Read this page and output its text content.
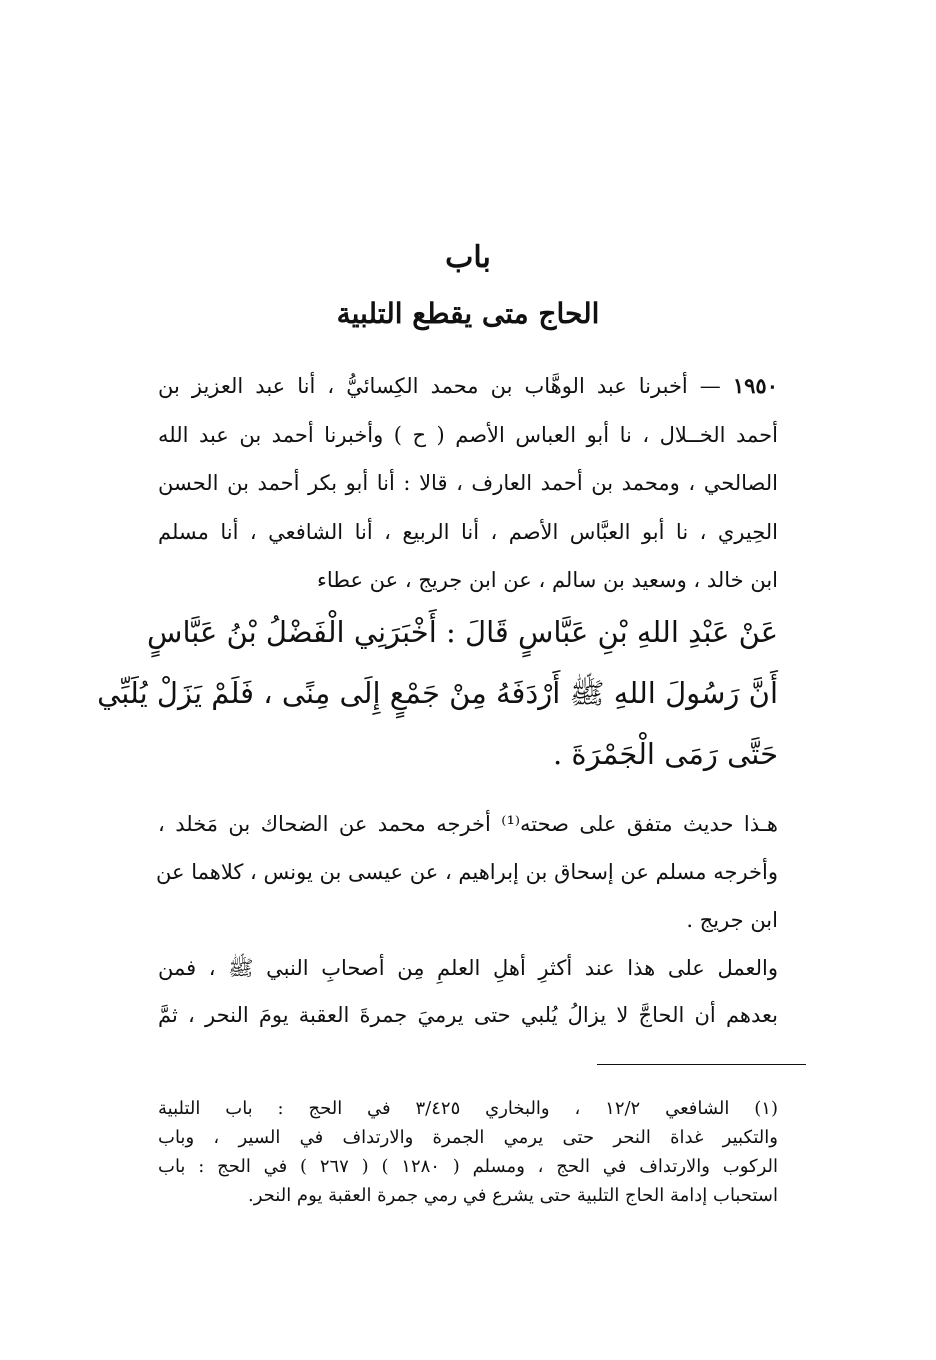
باب
الحاج متى يقطع التلبية
١٩٥٠ — أخبرنا عبد الوهَّاب بن محمد الكِسائيُّ ، أنا عبد العزيز بن
أحمد الخــلال ، نا أبو العباس الأصم ( ح ) وأخبرنا أحمد بن عبد الله
الصالحي ، ومحمد بن أحمد العارف ، قالا : أنا أبو بكر أحمد بن الحسن
الحِيري ، نا أبو العبَّاس الأصم ، أنا الربيع ، أنا الشافعي ، أنا مسلم
ابن خالد ، وسعيد بن سالم ، عن ابن جريج ، عن عطاء
عَنْ عَبْدِ اللهِ بْنِ عَبَّاسٍ قَالَ : أَخْبَرَنِي الْفَضْلُ بْنُ عَبَّاسٍ
أَنَّ رَسُولَ اللهِ ﷺ أَرْدَفَهُ مِنْ جَمْعٍ إِلَى مِنًى ، فَلَمْ يَزَلْ يُلَبِّي
حَتَّى رَمَى الْجَمْرَةَ .
هـذا حديث متفق على صحته⁽¹⁾ أخرجه محمد عن الضحاك بن مَخلد ،
وأخرجه مسلم عن إسحاق بن إبراهيم ، عن عيسى بن يونس ، كلاهما عن
ابن جريج .
والعمل على هذا عند أكثرِ أهلِ العلمِ مِن أصحابِ النبي ﷺ ، فمن
بعدهم أن الحاجَّ لا يزالُ يُلبي حتى يرميَ جمرةَ العقبة يومَ النحر ، ثمَّ
(١) الشافعي ١٢/٢ ، والبخاري ٣/٤٢٥ في الحج : باب التلبية
والتكبير غداة النحر حتى يرمي الجمرة والارتداف في السير ، وباب
الركوب والارتداف في الحج ، ومسلم ( ١٢٨٠ ) ( ٢٦٧ ) في الحج : باب
استحباب إدامة الحاج التلبية حتى يشرع في رمي جمرة العقبة يوم النحر.
